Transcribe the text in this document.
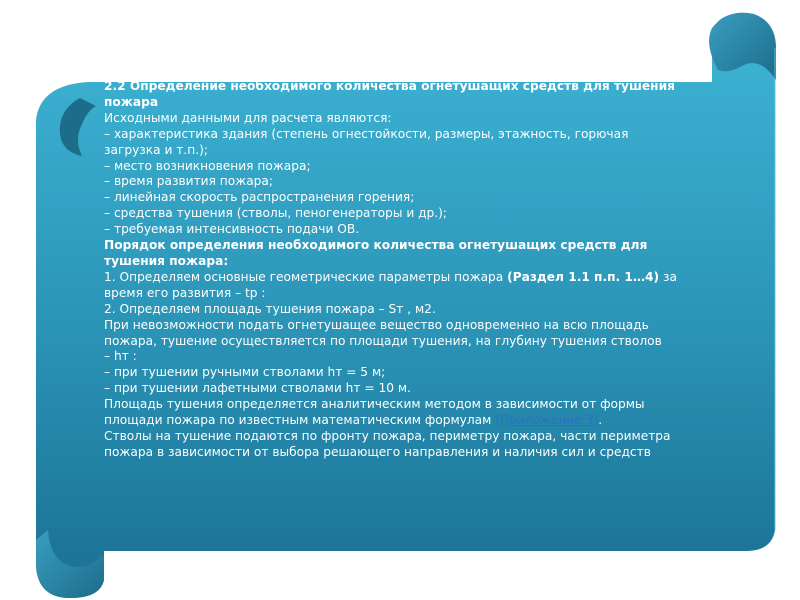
2.2 Определение необходимого количества огнетушащих средств для тушения
пожара
Исходными данными для расчета являются:
– характеристика здания (степень огнестойкости, размеры, этажность, горючая
загрузка и т.п.);
– место возникновения пожара;
– время развития пожара;
– линейная скорость распространения горения;
– средства тушения (стволы, пеногенераторы и др.);
– требуемая интенсивность подачи ОВ.
Порядок определения необходимого количества огнетушащих средств для
тушения пожара:
1. Определяем основные геометрические параметры пожара (Раздел 1.1 п.п. 1…4) за
время его развития – tр :
2. Определяем площадь тушения пожара – Sт , м2.
При невозможности подать огнетушащее вещество одновременно на всю площадь
пожара, тушение осуществляется по площади тушения, на глубину тушения стволов
– hт :
– при тушении ручными стволами hт = 5 м;
– при тушении лафетными стволами hт = 10 м.
Площадь тушения определяется аналитическим методом в зависимости от формы
площади пожара по известным математическим формулам (Приложение 3).
Стволы на тушение подаются по фронту пожара, периметру пожара, части периметра
пожара в зависимости от выбора решающего направления и наличия сил и средств
